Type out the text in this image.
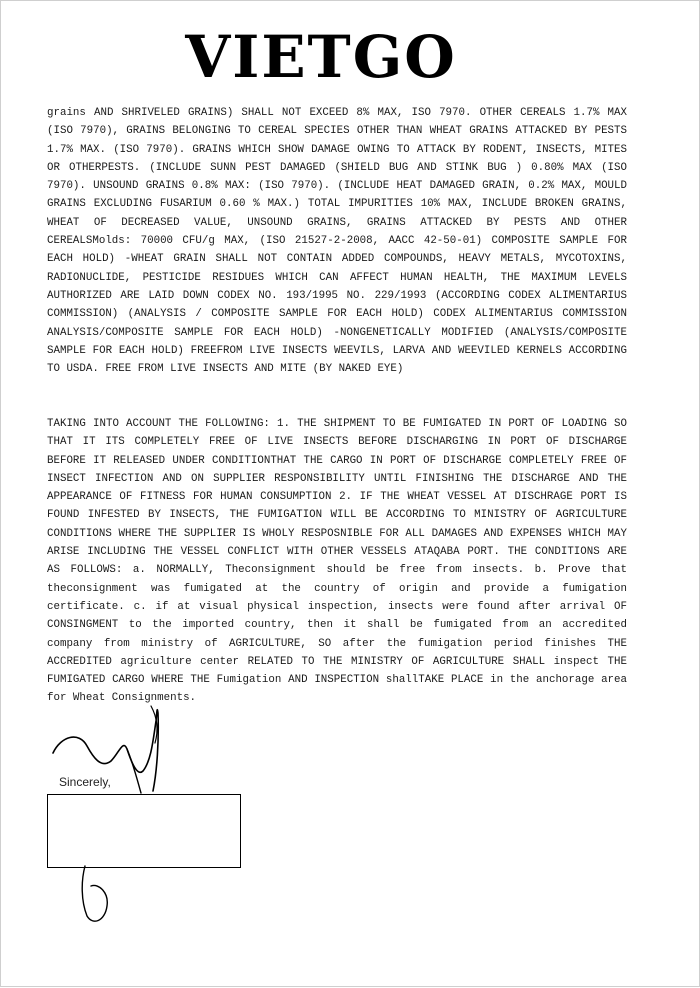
VIETGO
grains AND SHRIVELED GRAINS) SHALL NOT EXCEED 8% MAX, ISO 7970. OTHER CEREALS 1.7% MAX (ISO 7970), GRAINS BELONGING TO CEREAL SPECIES OTHER THAN WHEAT GRAINS ATTACKED BY PESTS 1.7% MAX. (ISO 7970). GRAINS WHICH SHOW DAMAGE OWING TO ATTACK BY RODENT, INSECTS, MITES OR OTHERPESTS. (INCLUDE SUNN PEST DAMAGED (SHIELD BUG AND STINK BUG ) 0.80% MAX (ISO 7970). UNSOUND GRAINS 0.8% MAX: (ISO 7970). (INCLUDE HEAT DAMAGED GRAIN, 0.2% MAX, MOULD GRAINS EXCLUDING FUSARIUM 0.60 % MAX.) TOTAL IMPURITIES 10% MAX, INCLUDE BROKEN GRAINS, WHEAT OF DECREASED VALUE, UNSOUND GRAINS, GRAINS ATTACKED BY PESTS AND OTHER CEREALSMolds: 70000 CFU/g MAX, (ISO 21527-2-2008, AACC 42-50-01) COMPOSITE SAMPLE FOR EACH HOLD) -WHEAT GRAIN SHALL NOT CONTAIN ADDED COMPOUNDS, HEAVY METALS, MYCOTOXINS, RADIONUCLIDE, PESTICIDE RESIDUES WHICH CAN AFFECT HUMAN HEALTH, THE MAXIMUM LEVELS AUTHORIZED ARE LAID DOWN CODEX NO. 193/1995 NO. 229/1993 (ACCORDING CODEX ALIMENTARIUS COMMISSION) (ANALYSIS / COMPOSITE SAMPLE FOR EACH HOLD) CODEX ALIMENTARIUS COMMISSION ANALYSIS/COMPOSITE SAMPLE FOR EACH HOLD) -NONGENETICALLY MODIFIED (ANALYSIS/COMPOSITE SAMPLE FOR EACH HOLD) FREEFROM LIVE INSECTS WEEVILS, LARVA AND WEEVILED KERNELS ACCORDING TO USDA. FREE FROM LIVE INSECTS AND MITE (BY NAKED EYE)
TAKING INTO ACCOUNT THE FOLLOWING: 1. THE SHIPMENT TO BE FUMIGATED IN PORT OF LOADING SO THAT IT ITS COMPLETELY FREE OF LIVE INSECTS BEFORE DISCHARGING IN PORT OF DISCHARGE BEFORE IT RELEASED UNDER CONDITIONTHAT THE CARGO IN PORT OF DISCHARGE COMPLETELY FREE OF INSECT INFECTION AND ON SUPPLIER RESPONSIBILITY UNTIL FINISHING THE DISCHARGE AND THE APPEARANCE OF FITNESS FOR HUMAN CONSUMPTION 2. IF THE WHEAT VESSEL AT DISCHRAGE PORT IS FOUND INFESTED BY INSECTS, THE FUMIGATION WILL BE ACCORDING TO MINISTRY OF AGRICULTURE CONDITIONS WHERE THE SUPPLIER IS WHOLY RESPOSNIBLE FOR ALL DAMAGES AND EXPENSES WHICH MAY ARISE INCLUDING THE VESSEL CONFLICT WITH OTHER VESSELS ATAQABA PORT. THE CONDITIONS ARE AS FOLLOWS: a. NORMALLY, Theconsignment should be free from insects. b. Prove that theconsignment was fumigated at the country of origin and provide a fumigation certificate. c. if at visual physical inspection, insects were found after arrival OF CONSINGMENT to the imported country, then it shall be fumigated from an accredited company from ministry of AGRICULTURE, SO after the fumigation period finishes THE ACCREDITED agriculture center RELATED TO THE MINISTRY OF AGRICULTURE SHALL inspect THE FUMIGATED CARGO WHERE THE Fumigation AND INSPECTION shallTAKE PLACE in the anchorage area for Wheat Consignments.
Sincerely,
